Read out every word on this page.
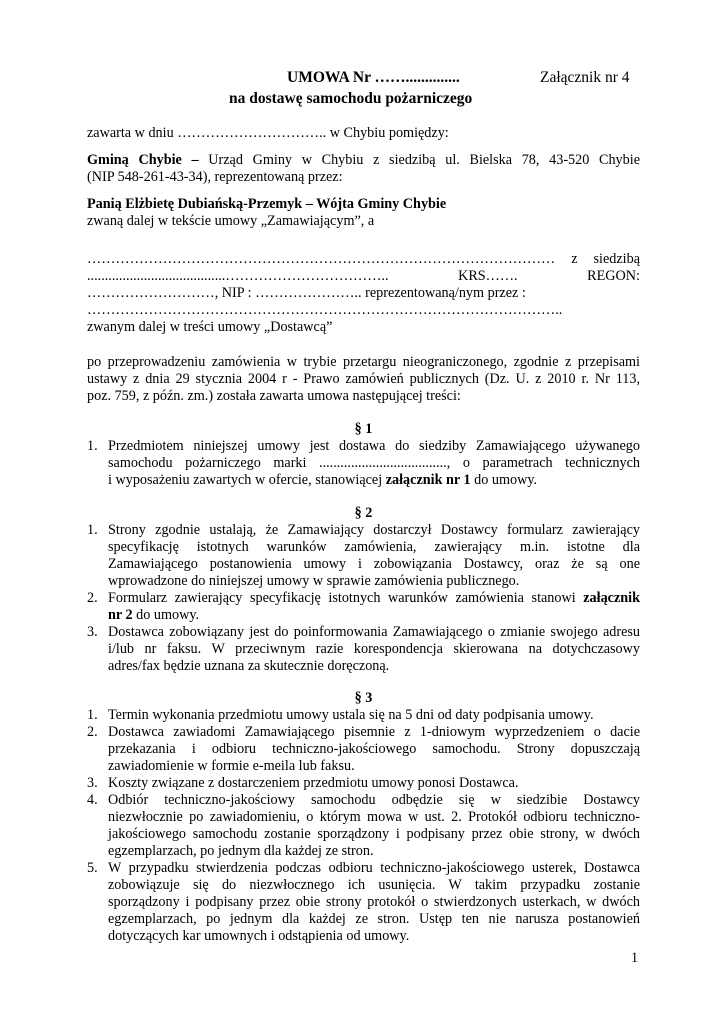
UMOWA Nr ……..............	Załącznik nr 4
na dostawę samochodu pożarniczego
zawarta w dniu ………………………….. w Chybiu pomiędzy:
Gminą Chybie – Urząd Gminy w Chybiu z siedzibą ul. Bielska 78, 43-520 Chybie
(NIP 548-261-43-34), reprezentowaną przez:
Panią Elżbietę Dubiańską-Przemyk – Wójta Gminy Chybie
zwaną dalej w tekście umowy „Zamawiającym”, a
……………………………………………………………………………………… z siedzibą
.......................................…………………………….. KRS……. REGON:
………………………, NIP : ………………….. reprezentowaną/nym przez :
………………………………………………………………………………………..
zwanym dalej w treści umowy „Dostawcą”
po przeprowadzeniu zamówienia w trybie przetargu nieograniczonego, zgodnie z przepisami
ustawy z dnia 29 stycznia 2004 r - Prawo zamówień publicznych (Dz. U. z 2010 r. Nr 113,
poz. 759, z późn. zm.) została zawarta umowa następującej treści:
§ 1
1. Przedmiotem niniejszej umowy jest dostawa do siedziby Zamawiającego używanego
samochodu pożarniczego marki ...................................., o parametrach technicznych
i wyposażeniu zawartych w ofercie, stanowiącej załącznik nr 1 do umowy.
§ 2
1. Strony zgodnie ustalają, że Zamawiający dostarczył Dostawcy formularz zawierający
specyfikację istotnych warunków zamówienia, zawierający m.in. istotne dla
Zamawiającego postanowienia umowy i zobowiązania Dostawcy, oraz że są one
wprowadzone do niniejszej umowy w sprawie zamówienia publicznego.
2. Formularz zawierający specyfikację istotnych warunków zamówienia stanowi załącznik
nr 2 do umowy.
3. Dostawca zobowiązany jest do poinformowania Zamawiającego o zmianie swojego adresu
i/lub nr faksu. W przeciwnym razie korespondencja skierowana na dotychczasowy
adres/fax będzie uznana za skutecznie doręczoną.
§ 3
1. Termin wykonania przedmiotu umowy ustala się na 5 dni od daty podpisania umowy.
2. Dostawca zawiadomi Zamawiającego pisemnie z 1-dniowym wyprzedzeniem o dacie
przekazania i odbioru techniczno-jakościowego samochodu. Strony dopuszczają
zawiadomienie w formie e-meila lub faksu.
3. Koszty związane z dostarczeniem przedmiotu umowy ponosi Dostawca.
4. Odbiór techniczno-jakościowy samochodu odbędzie się w siedzibie Dostawcy
niezwłocznie po zawiadomieniu, o którym mowa w ust. 2. Protokół odbioru techniczno-
jakościowego samochodu zostanie sporządzony i podpisany przez obie strony, w dwóch
egzemplarzach, po jednym dla każdej ze stron.
5. W przypadku stwierdzenia podczas odbioru techniczno-jakościowego usterek, Dostawca
zobowiązuje się do niezwłocznego ich usunięcia. W takim przypadku zostanie
sporządzony i podpisany przez obie strony protokół o stwierdzonych usterkach, w dwóch
egzemplarzach, po jednym dla każdej ze stron. Ustęp ten nie narusza postanowień
dotyczących kar umownych i odstąpienia od umowy.
1
